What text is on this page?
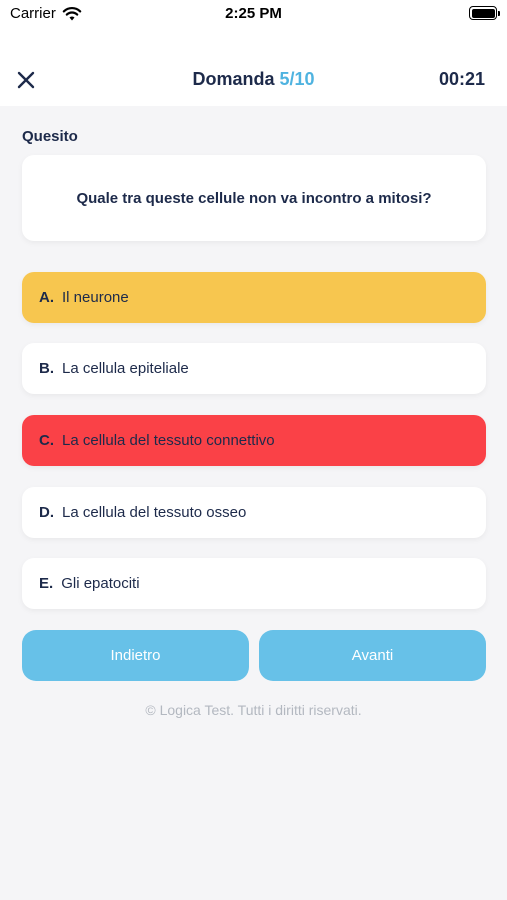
Carrier	2:25 PM
Domanda 5/10	00:21
Quesito
Quale tra queste cellule non va incontro a mitosi?
A. Il neurone
B. La cellula epiteliale
C. La cellula del tessuto connettivo
D. La cellula del tessuto osseo
E. Gli epatociti
Indietro	Avanti
© Logica Test. Tutti i diritti riservati.
